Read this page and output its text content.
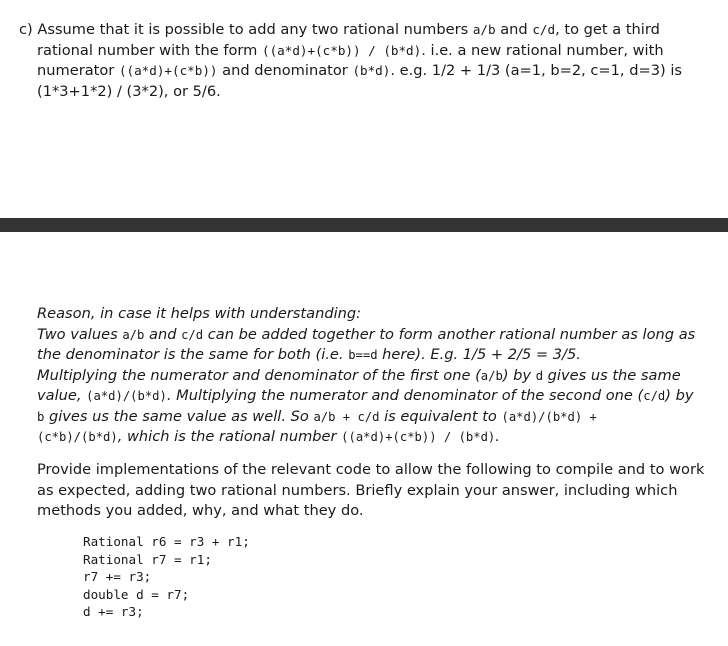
c) Assume that it is possible to add any two rational numbers a/b and c/d, to get a third

rational number with the form ((a*d)+(c*b)) / (b*d). i.e. a new rational number, with

numerator ((a*d)+(c*b)) and denominator (b*d). e.g. 1/2 + 1/3 (a=1, b=2, c=1, d=3) is

(1*3+1*2) / (3*2), or 5/6.

Reason, in case it helps with understanding:

Two values a/b and c/d can be added together to form another rational number as long as

the denominator is the same for both (i.e. b==d here). E.g. 1/5 + 2/5 = 3/5.

Multiplying the numerator and denominator of the first one (a/b) by d gives us the same

value, (a*d)/(b*d). Multiplying the numerator and denominator of the second one (c/d) by

b gives us the same value as well. So a/b + c/d is equivalent to (a*d)/(b*d) +

(c*b)/(b*d), which is the rational number ((a*d)+(c*b)) / (b*d).

Provide implementations of the relevant code to allow the following to compile and to work

as expected, adding two rational numbers. Briefly explain your answer, including which

methods you added, why, and what they do.

Rational r6 = r3 + r1;
Rational r7 = r1;
r7 += r3;
double d = r7;
d += r3;
